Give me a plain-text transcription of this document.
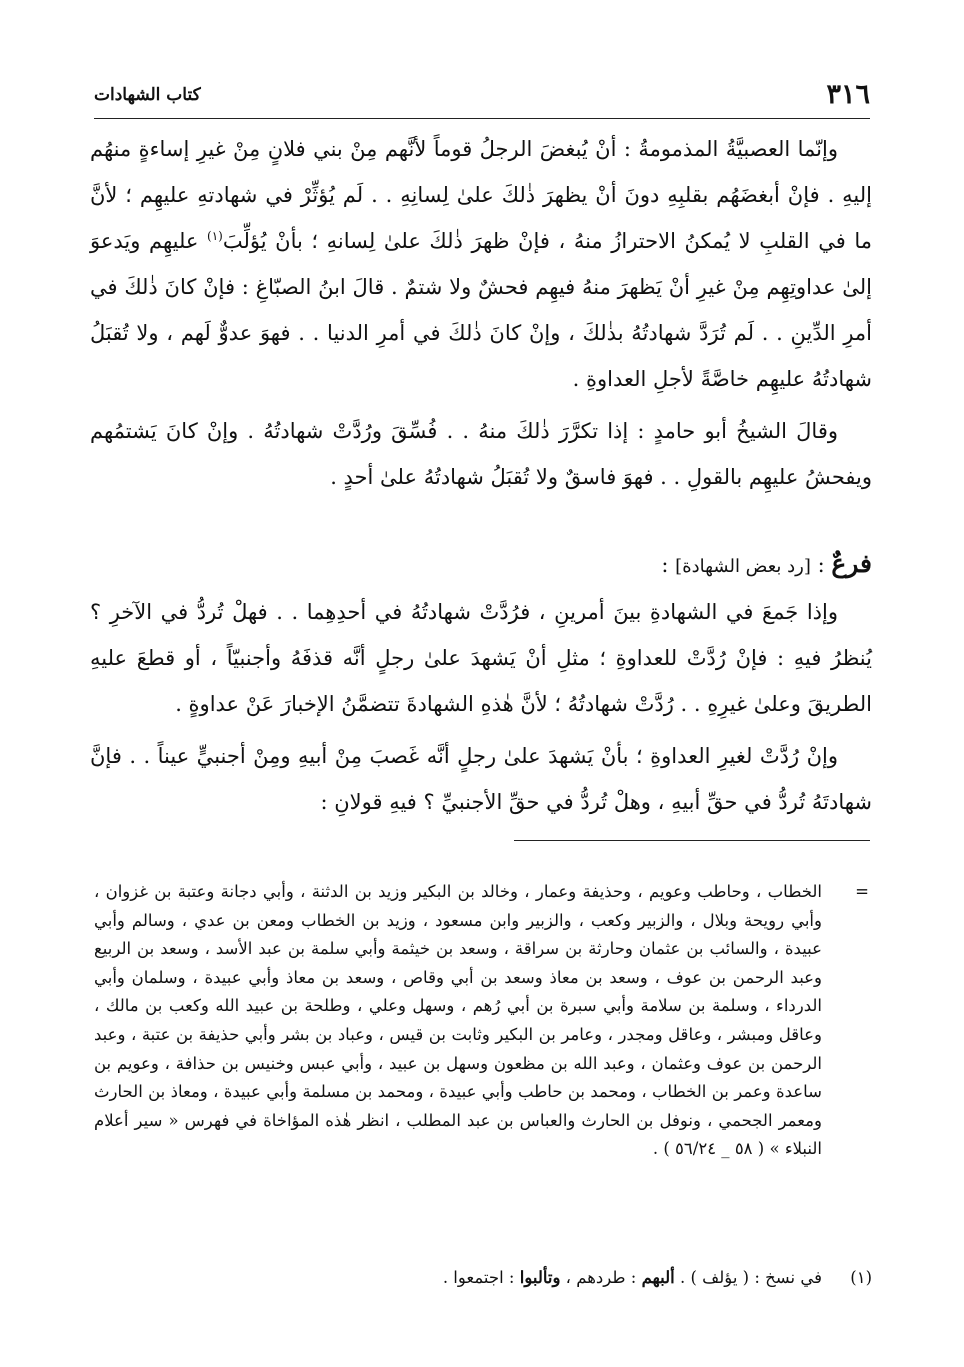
٣١٦
كتاب الشهادات

وإنّما العصبيَّةُ المذمومةُ : أنْ يُبغضَ الرجلُ قوماً لأنَّهم مِنْ بني فلانٍ مِنْ غيرِ إساءةٍ منهُم إليهِ . فإنْ أبغضَهُم بقلبِهِ دونَ أنْ يظهرَ ذٰلكَ علىٰ لِسانِهِ . . لَم يُؤثِّرْ في شهادتهِ عليهِم ؛ لأنَّ ما في القلبِ لا يُمكنُ الاحترازُ منهُ ، فإنْ ظهرَ ذٰلكَ علىٰ لِسانهِ ؛ بأنْ يُؤلِّبَ$^{(١)}$ عليهِم ويَدعوَ إلىٰ عداوتِهِم مِنْ غيرِ أنْ يَظهرَ منهُ فيهِم فحشٌ ولا شتمٌ . قالَ ابنُ الصبّاغِ : فإنْ كانَ ذٰلكَ في أمرِ الدِّينِ . . لَم تُرَدَّ شهادتُهُ بذٰلكَ ، وإنْ كانَ ذٰلكَ في أمرِ الدنيا . . فهوَ عدوٌّ لَهم ، ولا تُقبَلُ شهادتُهُ عليهِم خاصَّةً لأجلِ العداوةِ .

وقالَ الشيخُ أبو حامدٍ : إذا تكرَّرَ ذٰلكَ منهُ . . فُسِّقَ ورُدَّتْ شهادتُهُ . وإنْ كانَ يَشتمُهم ويفحشُ عليهِم بالقولِ . . فهوَ فاسقٌ ولا تُقبَلُ شهادتُهُ علىٰ أحدٍ .

فرعٌ : [رد بعض الشهادة] :

وإذا جَمعَ في الشهادةِ بينَ أمرينِ ، فرُدَّتْ شهادتُهُ في أحدِهِما . . فهلْ تُردُّ في الآخرِ ؟ يُنظرُ فيهِ : فإنْ رُدَّتْ للعداوةِ ؛ مثلِ أنْ يَشهدَ علىٰ رجلٍ أنَّه قذفَهُ وأجنبيّاً ، أو قطعَ عليهِ الطريقَ وعلىٰ غيرِهِ . . رُدَّتْ شهادتُهُ ؛ لأنَّ هٰذهِ الشهادةَ تتضمَّنُ الإخبارَ عَنْ عداوةٍ .

وإنْ رُدَّتْ لغيرِ العداوةِ ؛ بأنْ يَشهدَ علىٰ رجلٍ أنَّه غَصبَ مِنْ أبيهِ ومِنْ أجنبيٍّ عيناً . . فإنَّ شهادتَهُ تُردُّ في حقِّ أبيهِ ، وهلْ تُردُّ في حقِّ الأجنبيِّ ؟ فيهِ قولانِ :

=
الخطاب ، وحاطب وعويم ، وحذيفة وعمار ، وخالد بن البكير وزيد بن الدثنة ، وأبي دجانة وعتبة بن غزوان ، وأبي رويحة وبلال ، والزبير وكعب ، والزبير وابن مسعود ، وزيد بن الخطاب ومعن بن عدي ، وسالم وأبي عبيدة ، والسائب بن عثمان وحارثة بن سراقة ، وسعد بن خيثمة وأبي سلمة بن عبد الأسد ، وسعد بن الربيع وعبد الرحمن بن عوف ، وسعد بن معاذ وسعد بن أبي وقاص ، وسعد بن معاذ وأبي عبيدة ، وسلمان وأبي الدرداء ، وسلمة بن سلامة وأبي سبرة بن أبي رُهم ، وسهل وعلي ، وطلحة بن عبيد الله وكعب بن مالك ، وعاقل ومبشر ، وعاقل ومجدر ، وعامر بن البكير وثابت بن قيس ، وعباد بن بشر وأبي حذيفة بن عتبة ، وعبد الرحمن بن عوف وعثمان ، وعبد الله بن مظعون وسهل بن عبيد ، وأبي عبس وخنيس بن حذافة ، وعويم بن ساعدة وعمر بن الخطاب ، ومحمد بن حاطب وأبي عبيدة ، ومحمد بن مسلمة وأبي عبيدة ، ومعاذ بن الحارث ومعمر الجحمي ، ونوفل بن الحارث والعباس بن عبد المطلب ، انظر هٰذه المؤاخاة في فهرس « سير أعلام النبلاء » ( ٥٨ _ ٥٦/٢٤ ) .
(١)
في نسخ : ( يؤلف ) . ألبهم : طردهم ، وتألبوا : اجتمعوا .
